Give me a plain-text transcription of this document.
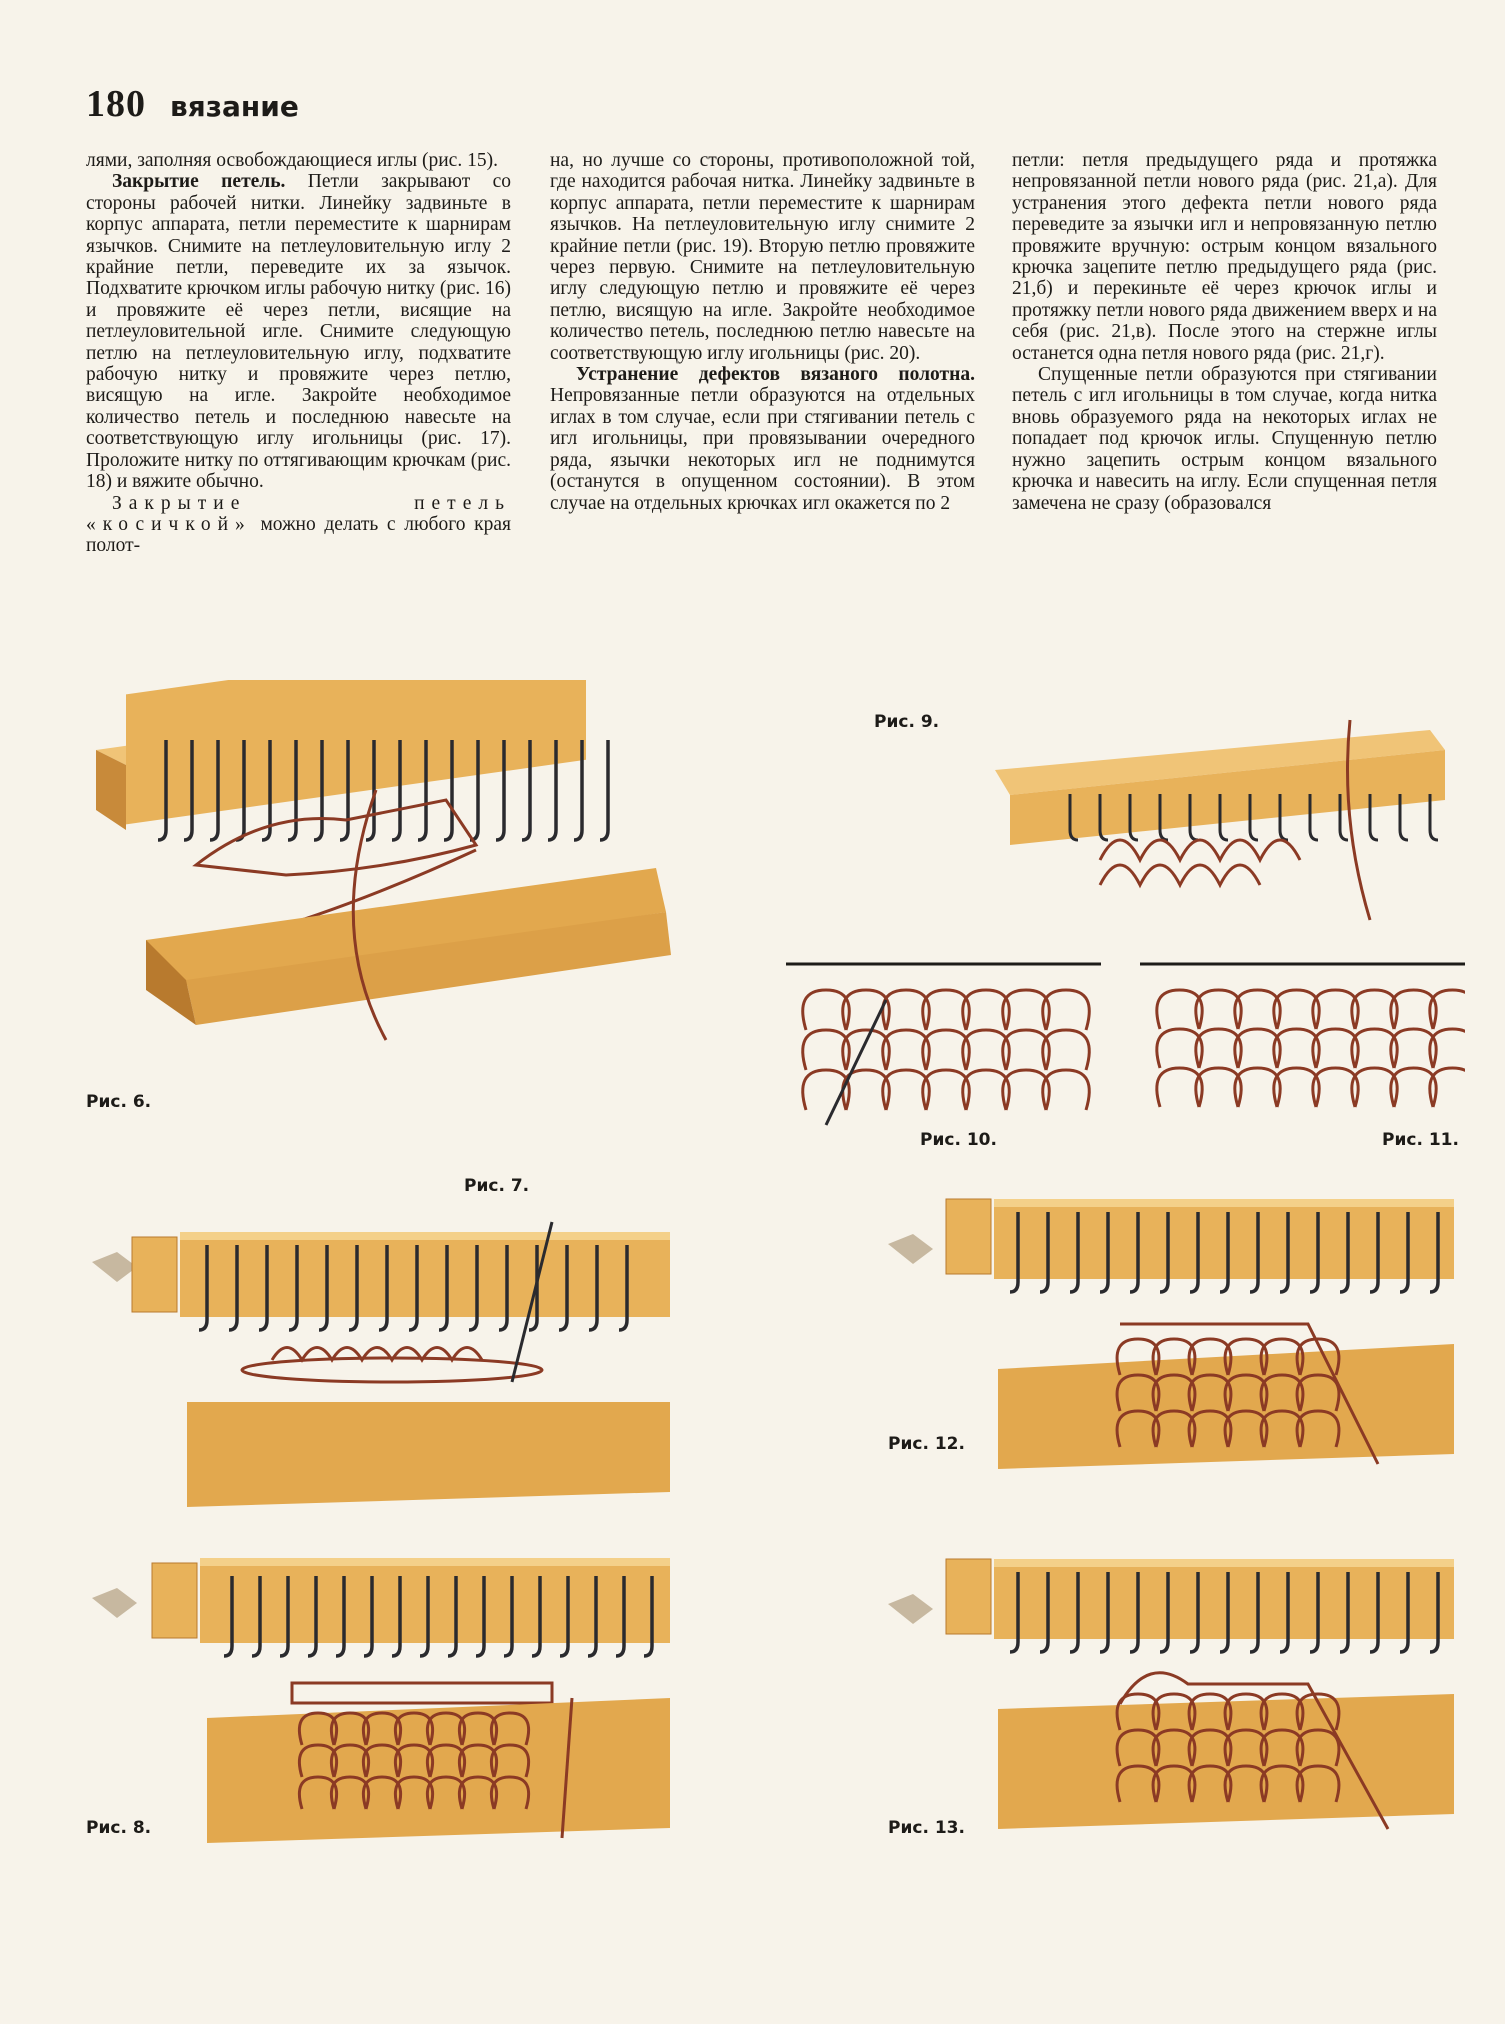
180 вязание

лями, заполняя освобождающиеся иглы (рис. 15).

Закрытие петель. Петли закрывают со стороны рабочей нитки. Линейку задвиньте в корпус аппарата, петли переместите к шарнирам язычков. Снимите на петлеуловительную иглу 2 крайние петли, переведите их за язычок. Подхватите крючком иглы рабочую нитку (рис. 16) и провяжите её через петли, висящие на петлеуловительной игле. Снимите следующую петлю на петлеуловительную иглу, подхватите рабочую нитку и провяжите через петлю, висящую на игле. Закройте необходимое количество петель и последнюю навесьте на соответствующую иглу игольницы (рис. 17). Проложите нитку по оттягивающим крючкам (рис. 18) и вяжите обычно.

Закрытие петель «косичкой» можно делать с любого края полот-

на, но лучше со стороны, противоположной той, где находится рабочая нитка. Линейку задвиньте в корпус аппарата, петли переместите к шарнирам язычков. На петлеуловительную иглу снимите 2 крайние петли (рис. 19). Вторую петлю провяжите через первую. Снимите на петлеуловительную иглу следующую петлю и провяжите её через петлю, висящую на игле. Закройте необходимое количество петель, последнюю петлю навесьте на соответствующую иглу игольницы (рис. 20).

Устранение дефектов вязаного полотна. Непровязанные петли образуются на отдельных иглах в том случае, если при стягивании петель с игл игольницы, при провязывании очередного ряда, язычки некоторых игл не поднимутся (останутся в опущенном состоянии). В этом случае на отдельных крючках игл окажется по 2

петли: петля предыдущего ряда и протяжка непровязанной петли нового ряда (рис. 21,а). Для устранения этого дефекта петли нового ряда переведите за язычки игл и непровязанную петлю провяжите вручную: острым концом вязального крючка зацепите петлю предыдущего ряда (рис. 21,б) и перекиньте её через крючок иглы и протяжку петли нового ряда движением вверх и на себя (рис. 21,в). После этого на стержне иглы останется одна петля нового ряда (рис. 21,г).

Спущенные петли образуются при стягивании петель с игл игольницы в том случае, когда нитка вновь образуемого ряда на некоторых иглах не попадает под крючок иглы. Спущенную петлю нужно зацепить острым концом вязального крючка и навесить на иглу. Если спущенная петля замечена не сразу (образовался

Рис. 6.
Рис. 9.
Рис. 10.	Рис. 11.
Рис. 7.
Рис. 8.
Рис. 12.
Рис. 13.
